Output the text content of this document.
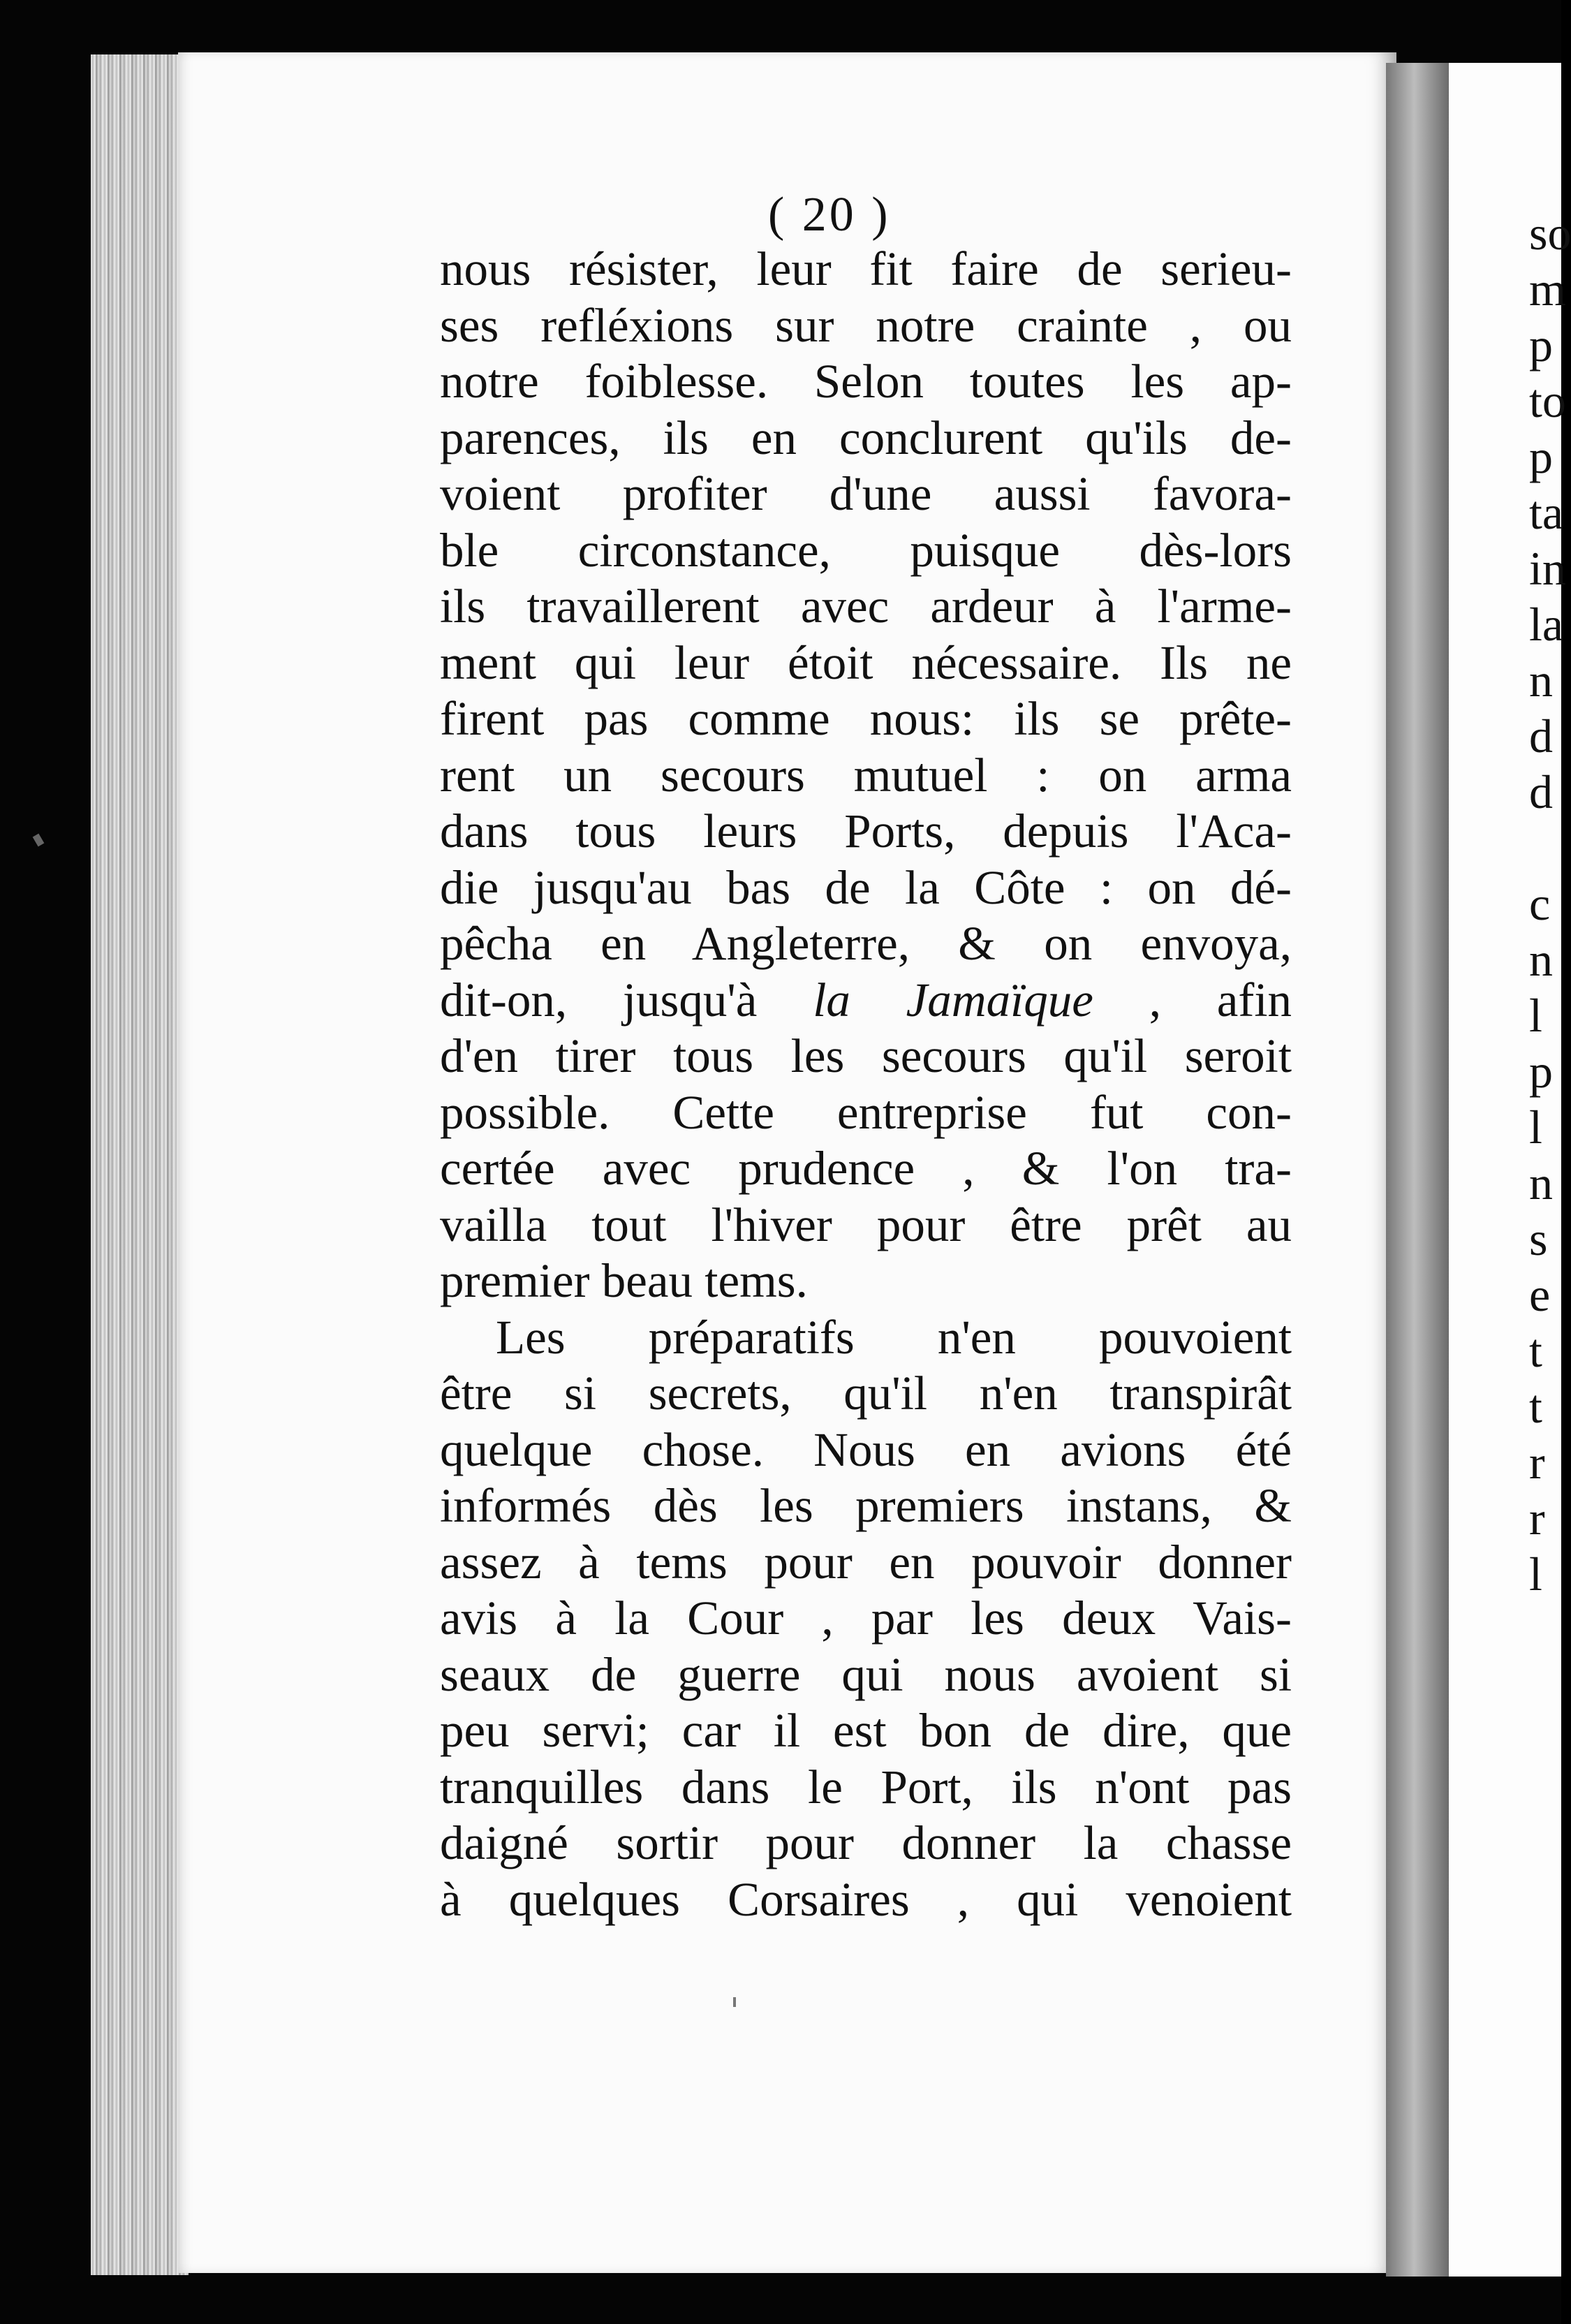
( 20 )
nous résister, leur fit faire de serieu-
ses refléxions sur notre crainte , ou
notre foiblesse. Selon toutes les ap-
parences, ils en conclurent qu'ils de-
voient profiter d'une aussi favora-
ble circonstance, puisque dès-lors
ils travaillerent avec ardeur à l'arme-
ment qui leur étoit nécessaire. Ils ne
firent pas comme nous: ils se prête-
rent un secours mutuel : on arma
dans tous leurs Ports, depuis l'Aca-
die jusqu'au bas de la Côte : on dé-
pêcha en Angleterre, & on envoya,
dit-on, jusqu'à la Jamaïque , afin
d'en tirer tous les secours qu'il seroit
possible. Cette entreprise fut con-
certée avec prudence , & l'on tra-
vailla tout l'hiver pour être prêt au
premier beau tems.
Les préparatifs n'en pouvoient
être si secrets, qu'il n'en transpirât
quelque chose. Nous en avions été
informés dès les premiers instans, &
assez à tems pour en pouvoir donner
avis à la Cour , par les deux Vais-
seaux de guerre qui nous avoient si
peu servi; car il est bon de dire, que
tranquilles dans le Port, ils n'ont pas
daigné sortir pour donner la chasse
à quelques Corsaires , qui venoient
so
m
p
to
p
ta
in
la
n
d
d
c
n
l
p
l
n
s
e
t
t
r
r
l
